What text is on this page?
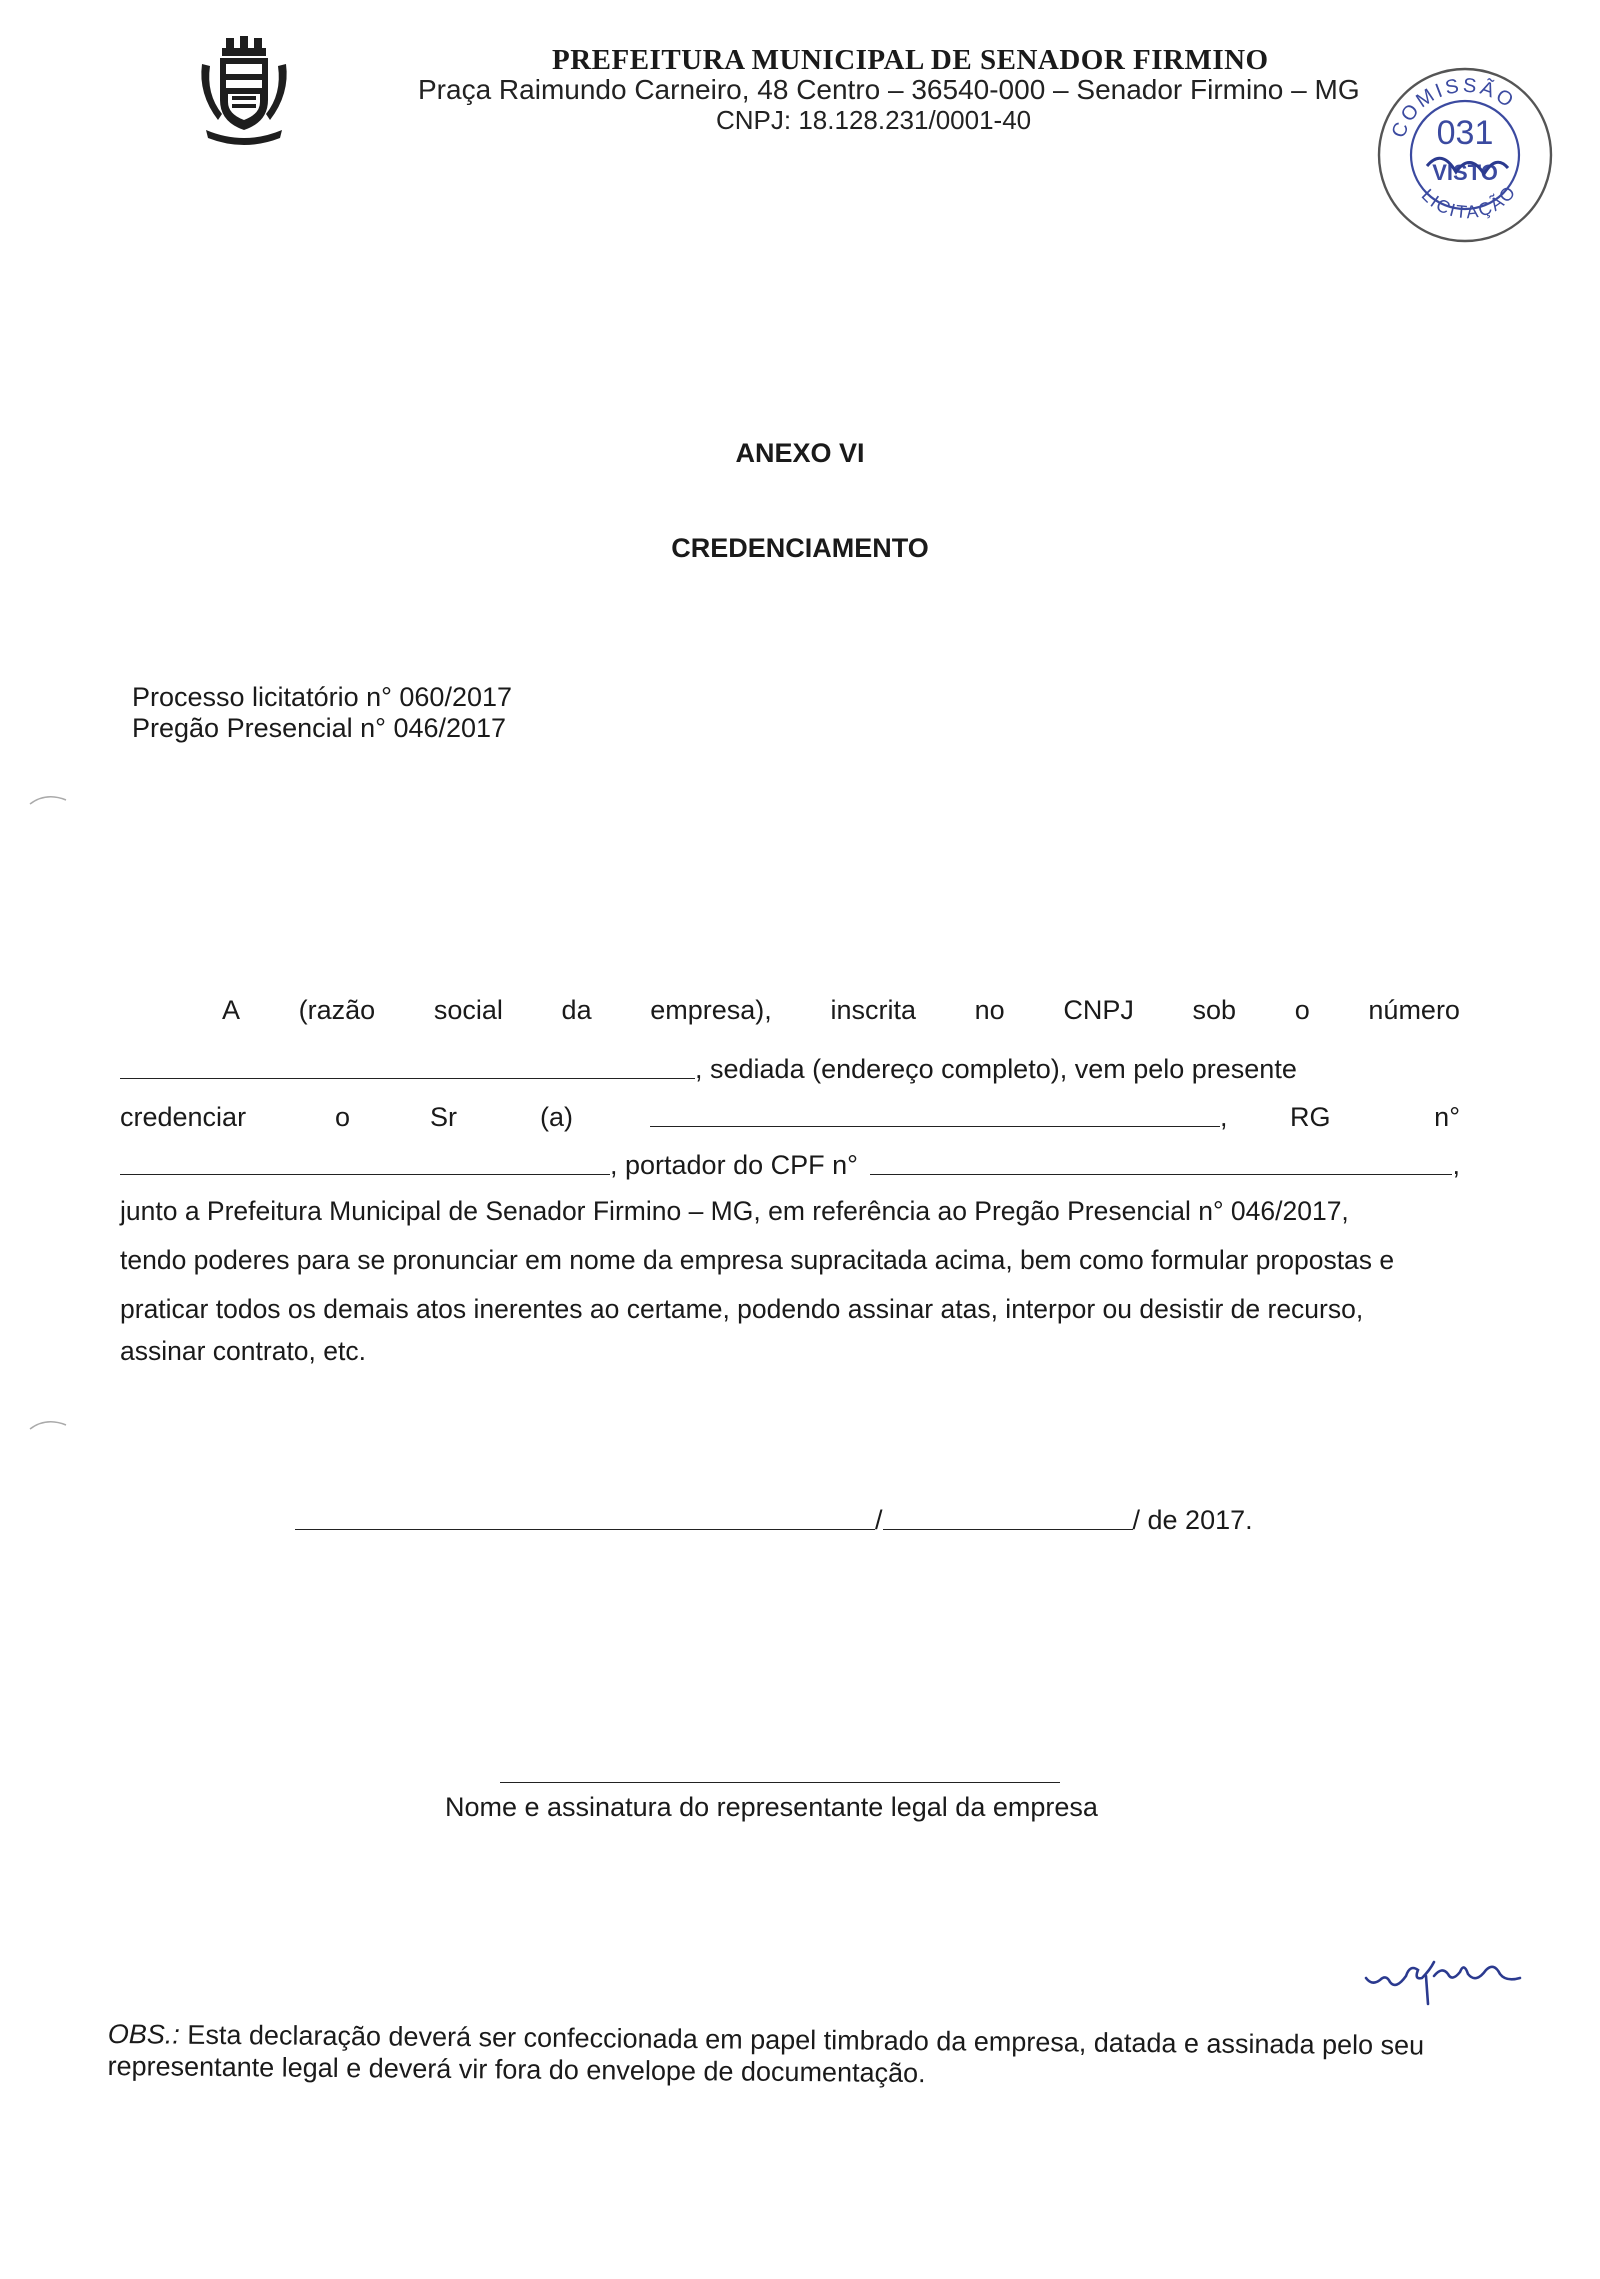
PREFEITURA MUNICIPAL DE SENADOR FIRMINO
Praça Raimundo Carneiro, 48 Centro – 36540-000 – Senador Firmino – MG
CNPJ: 18.128.231/0001-40	COMISSÃO
031
VISTO
LICITAÇÃO
ANEXO VI
CREDENCIAMENTO
Processo licitatório n° 060/2017
Pregão Presencial n° 046/2017
A (razão social da empresa), inscrita no CNPJ sob o número
, sediada (endereço completo), vem pelo presente
credenciar	o	Sr	(a)	,	RG	n°
, portador do CPF n°	,
junto a Prefeitura Municipal de Senador Firmino – MG, em referência ao Pregão Presencial n° 046/2017,
tendo poderes para se pronunciar em nome da empresa supracitada acima, bem como formular propostas e
praticar todos os demais atos inerentes ao certame, podendo assinar atas, interpor ou desistir de recurso,
assinar contrato, etc.
/	/ de 2017.
Nome e assinatura do representante legal da empresa
OBS.: Esta declaração deverá ser confeccionada em papel timbrado da empresa, datada e assinada pelo seu representante legal e deverá vir fora do envelope de documentação.
